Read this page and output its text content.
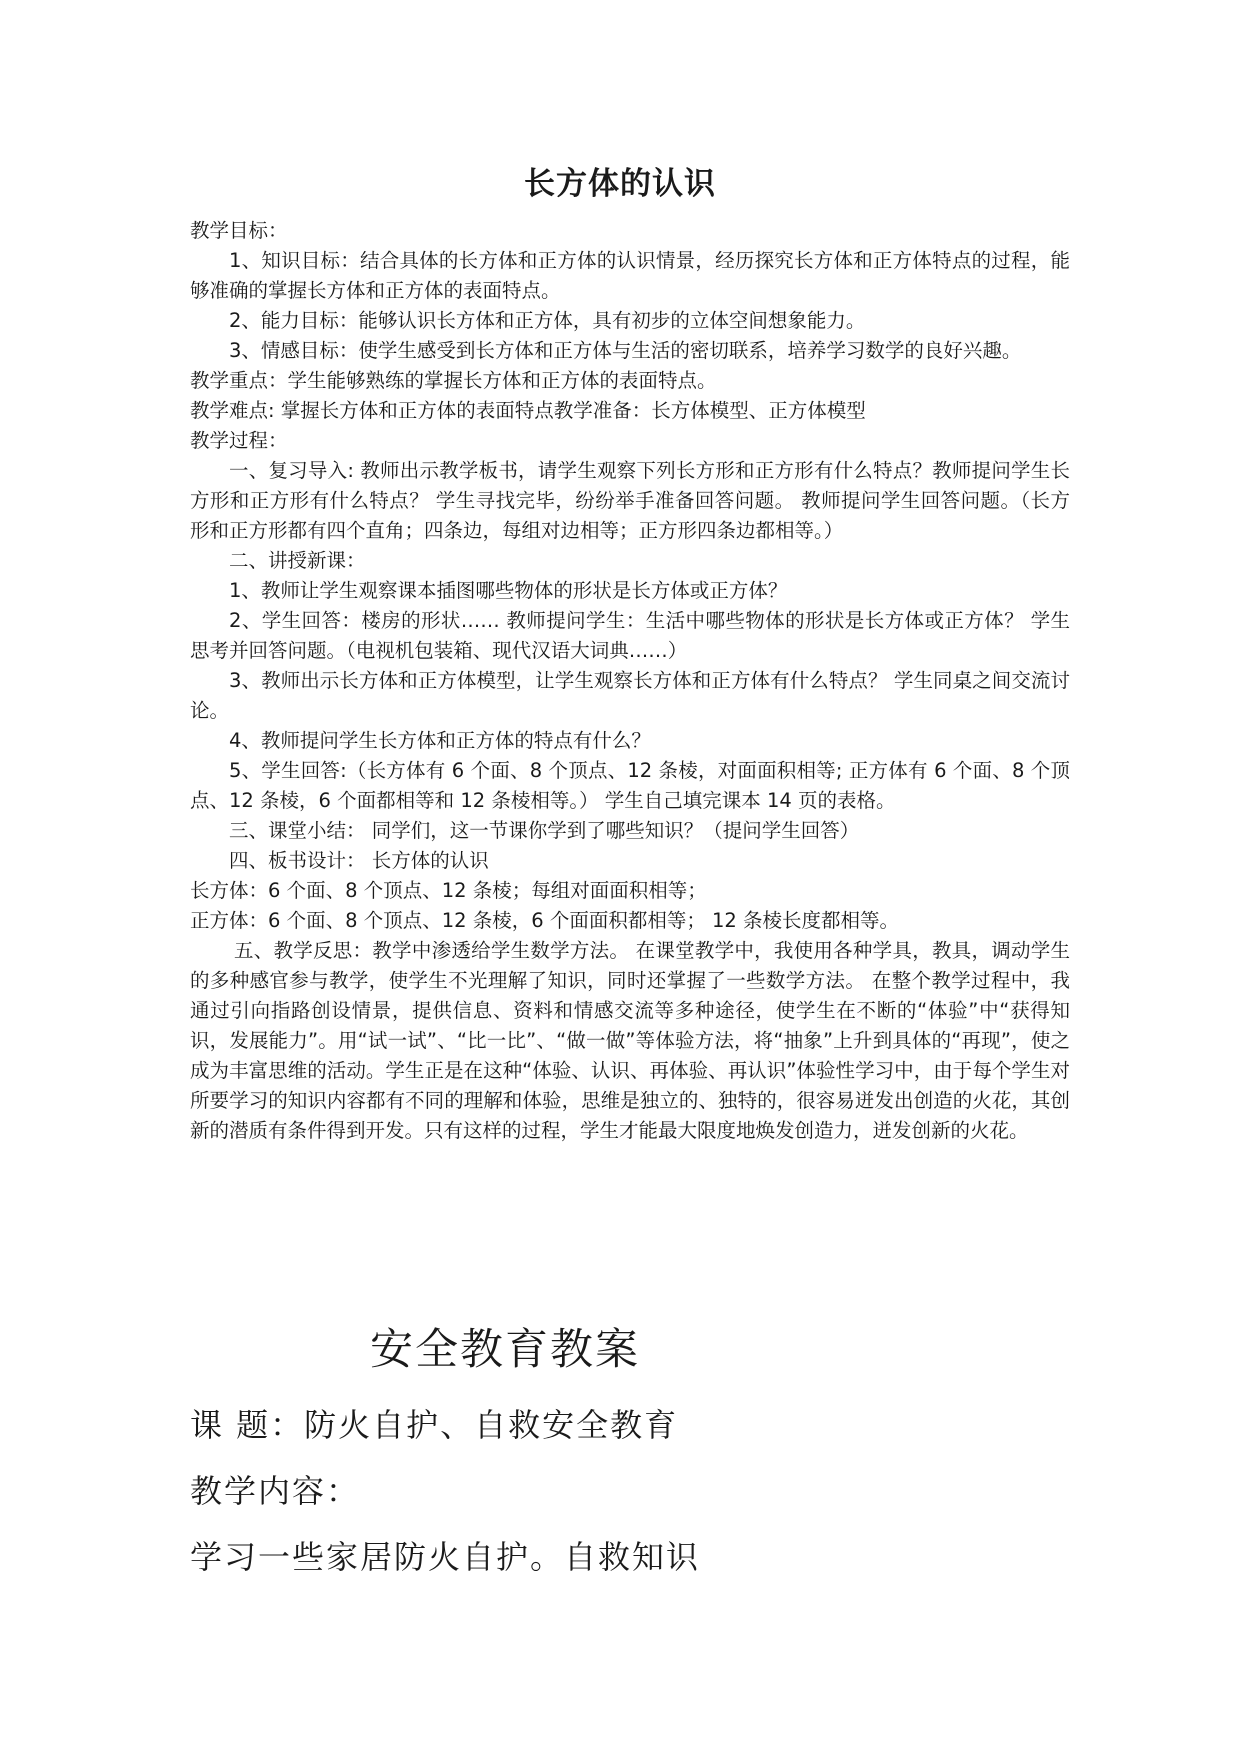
长方体的认识

教学目标：

1、知识目标：结合具体的长方体和正方体的认识情景，经历探究长方体和正方体特点的过程，能够准确的掌握长方体和正方体的表面特点。

2、能力目标：能够认识长方体和正方体，具有初步的立体空间想象能力。

3、情感目标：使学生感受到长方体和正方体与生活的密切联系，培养学习数学的良好兴趣。

教学重点：学生能够熟练的掌握长方体和正方体的表面特点。

教学难点: 掌握长方体和正方体的表面特点教学准备：长方体模型、正方体模型

教学过程：

一、复习导入: 教师出示教学板书，请学生观察下列长方形和正方形有什么特点？教师提问学生长方形和正方形有什么特点？ 学生寻找完毕，纷纷举手准备回答问题。 教师提问学生回答问题。（长方形和正方形都有四个直角；四条边，每组对边相等；正方形四条边都相等。）

二、讲授新课：

1、教师让学生观察课本插图哪些物体的形状是长方体或正方体？

2、学生回答：楼房的形状…… 教师提问学生：生活中哪些物体的形状是长方体或正方体？ 学生思考并回答问题。（电视机包装箱、现代汉语大词典……）

3、教师出示长方体和正方体模型，让学生观察长方体和正方体有什么特点？ 学生同桌之间交流讨论。

4、教师提问学生长方体和正方体的特点有什么？

5、学生回答:（长方体有 6 个面、8 个顶点、12 条棱，对面面积相等; 正方体有 6 个面、8 个顶点、12 条棱，6 个面都相等和 12 条棱相等。） 学生自己填完课本 14 页的表格。

三、课堂小结： 同学们，这一节课你学到了哪些知识？（提问学生回答）

四、板书设计： 长方体的认识

长方体：6 个面、8 个顶点、12 条棱；每组对面面积相等；

正方体：6 个面、8 个顶点、12 条棱，6 个面面积都相等； 12 条棱长度都相等。

五、教学反思：教学中渗透给学生数学方法。 在课堂教学中，我使用各种学具，教具，调动学生的多种感官参与教学，使学生不光理解了知识，同时还掌握了一些数学方法。 在整个教学过程中，我通过引向指路创设情景，提供信息、资料和情感交流等多种途径，使学生在不断的“体验”中“获得知识，发展能力”。用“试一试”、“比一比”、“做一做”等体验方法，将“抽象”上升到具体的“再现”，使之成为丰富思维的活动。学生正是在这种“体验、认识、再体验、再认识”体验性学习中，由于每个学生对所要学习的知识内容都有不同的理解和体验，思维是独立的、独特的，很容易迸发出创造的火花，其创新的潜质有条件得到开发。只有这样的过程，学生才能最大限度地焕发创造力，迸发创新的火花。

安全教育教案
课 题：防火自护、自救安全教育
教学内容：
学习一些家居防火自护。自救知识
